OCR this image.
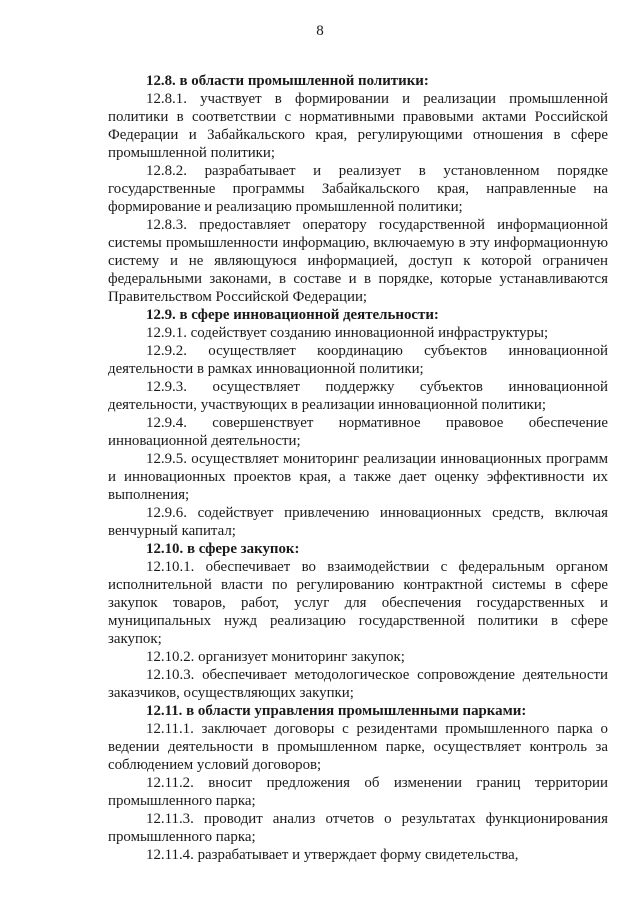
8

12.8. в области промышленной политики:

12.8.1. участвует в формировании и реализации промышленной политики в соответствии с нормативными правовыми актами Российской Федерации и Забайкальского края, регулирующими отношения в сфере промышленной политики;

12.8.2. разрабатывает и реализует в установленном порядке государственные программы Забайкальского края, направленные на формирование и реализацию промышленной политики;

12.8.3. предоставляет оператору государственной информационной системы промышленности информацию, включаемую в эту информационную систему и не являющуюся информацией, доступ к которой ограничен федеральными законами, в составе и в порядке, которые устанавливаются Правительством Российской Федерации;

12.9. в сфере инновационной деятельности:

12.9.1. содействует созданию инновационной инфраструктуры;

12.9.2. осуществляет координацию субъектов инновационной деятельности в рамках инновационной политики;

12.9.3. осуществляет поддержку субъектов инновационной деятельности, участвующих в реализации инновационной политики;

12.9.4. совершенствует нормативное правовое обеспечение инновационной деятельности;

12.9.5. осуществляет мониторинг реализации инновационных программ и инновационных проектов края, а также дает оценку эффективности их выполнения;

12.9.6. содействует привлечению инновационных средств, включая венчурный капитал;

12.10. в сфере закупок:

12.10.1. обеспечивает во взаимодействии с федеральным органом исполнительной власти по регулированию контрактной системы в сфере закупок товаров, работ, услуг для обеспечения государственных и муниципальных нужд реализацию государственной политики в сфере закупок;

12.10.2. организует мониторинг закупок;

12.10.3. обеспечивает методологическое сопровождение деятельности заказчиков, осуществляющих закупки;

12.11. в области управления промышленными парками:

12.11.1. заключает договоры с резидентами промышленного парка о ведении деятельности в промышленном парке, осуществляет контроль за соблюдением условий договоров;

12.11.2. вносит предложения об изменении границ территории промышленного парка;

12.11.3. проводит анализ отчетов о результатах функционирования промышленного парка;

12.11.4. разрабатывает и утверждает форму свидетельства,
